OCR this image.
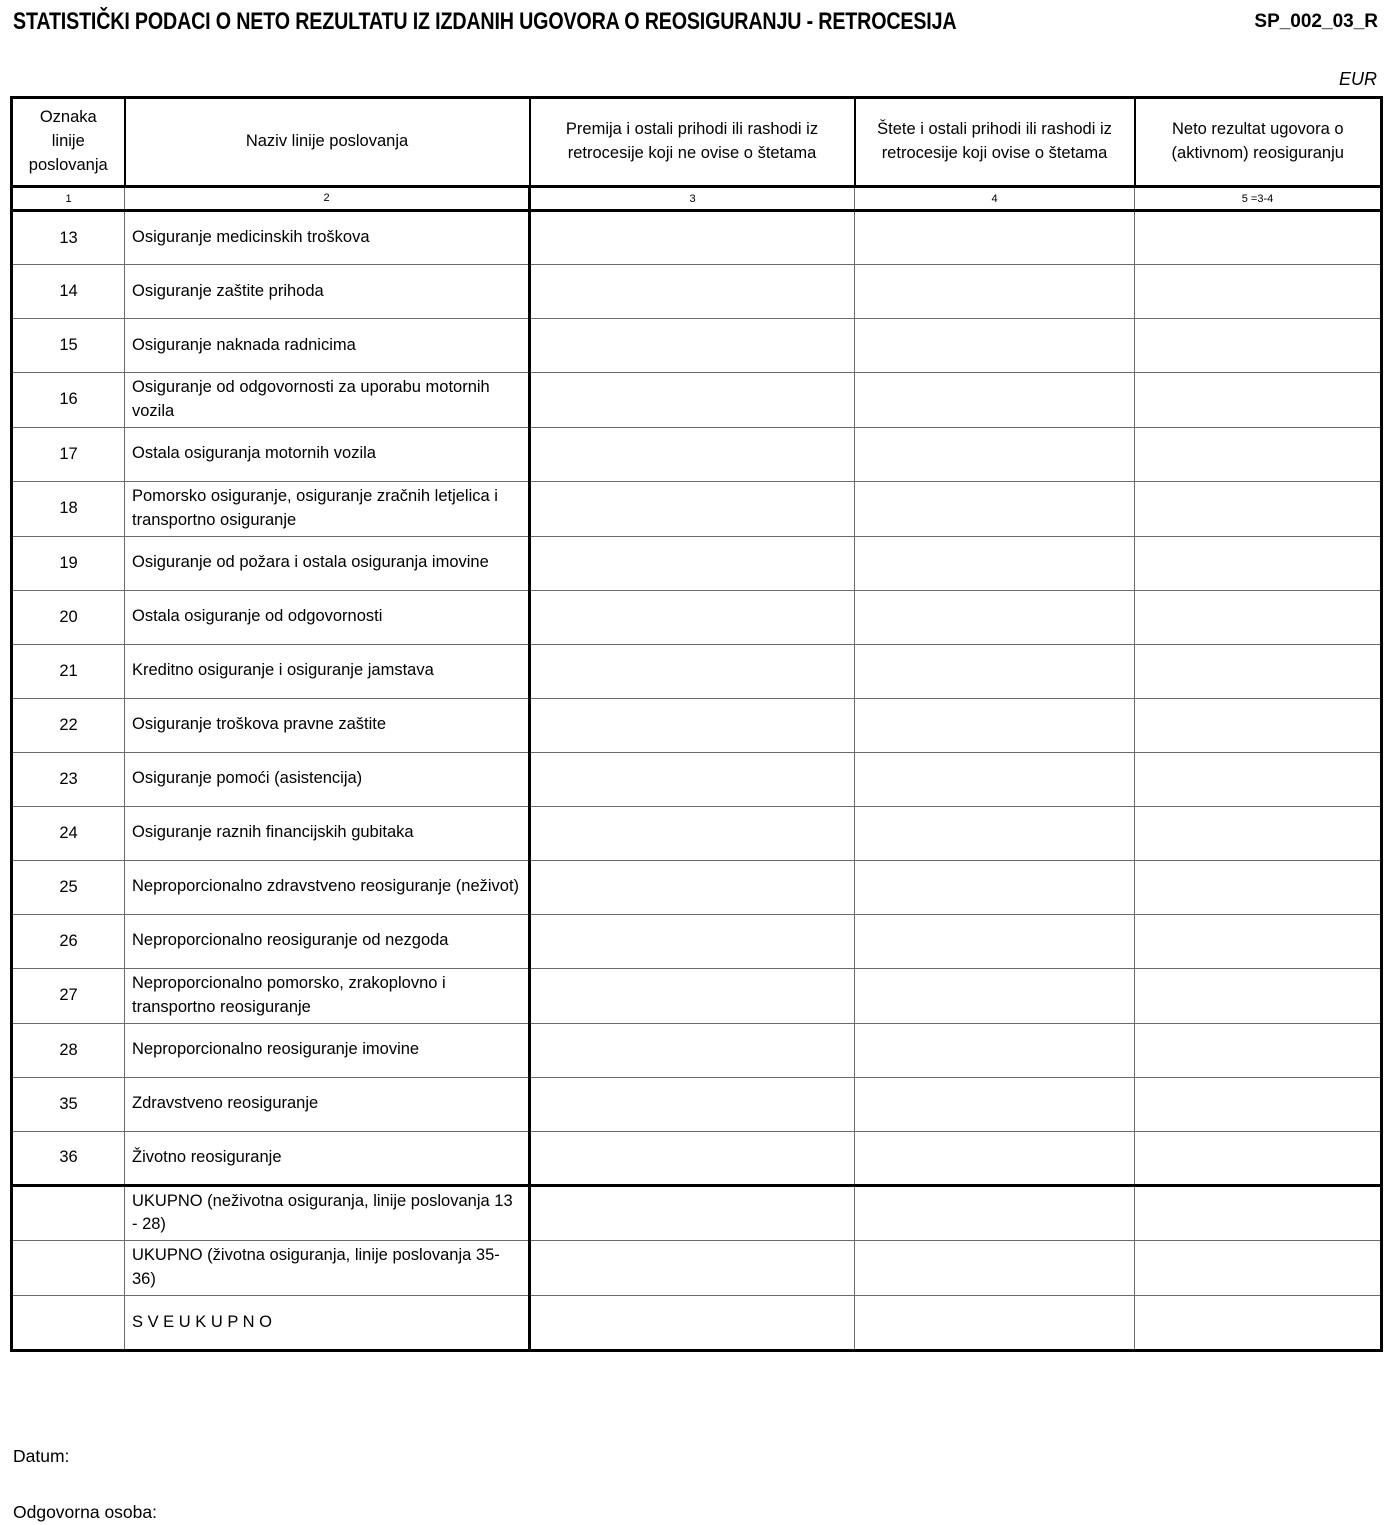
STATISTIČKI PODACI O NETO REZULTATU IZ IZDANIH UGOVORA O REOSIGURANJU - RETROCESIJA	SP_002_03_R
EUR
Oznaka linije poslovanja	Naziv linije poslovanja	Premija i ostali prihodi ili rashodi iz retrocesije koji ne ovise o štetama	Štete i ostali prihodi ili rashodi iz retrocesije koji ovise o štetama	Neto rezultat ugovora o (aktivnom) reosiguranju
1	2	3	4	5 =3-4
13	Osiguranje medicinskih troškova			
14	Osiguranje zaštite prihoda			
15	Osiguranje naknada radnicima			
16	Osiguranje od odgovornosti za uporabu motornih vozila			
17	Ostala osiguranja motornih vozila			
18	Pomorsko osiguranje, osiguranje zračnih letjelica i transportno osiguranje			
19	Osiguranje od požara i ostala osiguranja imovine			
20	Ostala osiguranje od odgovornosti			
21	Kreditno osiguranje i osiguranje jamstava			
22	Osiguranje troškova pravne zaštite			
23	Osiguranje pomoći (asistencija)			
24	Osiguranje raznih financijskih gubitaka			
25	Neproporcionalno zdravstveno reosiguranje (neživot)			
26	Neproporcionalno reosiguranje od nezgoda			
27	Neproporcionalno pomorsko, zrakoplovno i transportno reosiguranje			
28	Neproporcionalno reosiguranje imovine			
35	Zdravstveno reosiguranje			
36	Životno reosiguranje			
	UKUPNO (neživotna osiguranja, linije poslovanja 13 - 28)			
	UKUPNO (životna osiguranja, linije poslovanja 35-36)			
	S V E U K U P N O			
Datum:
Odgovorna osoba:
